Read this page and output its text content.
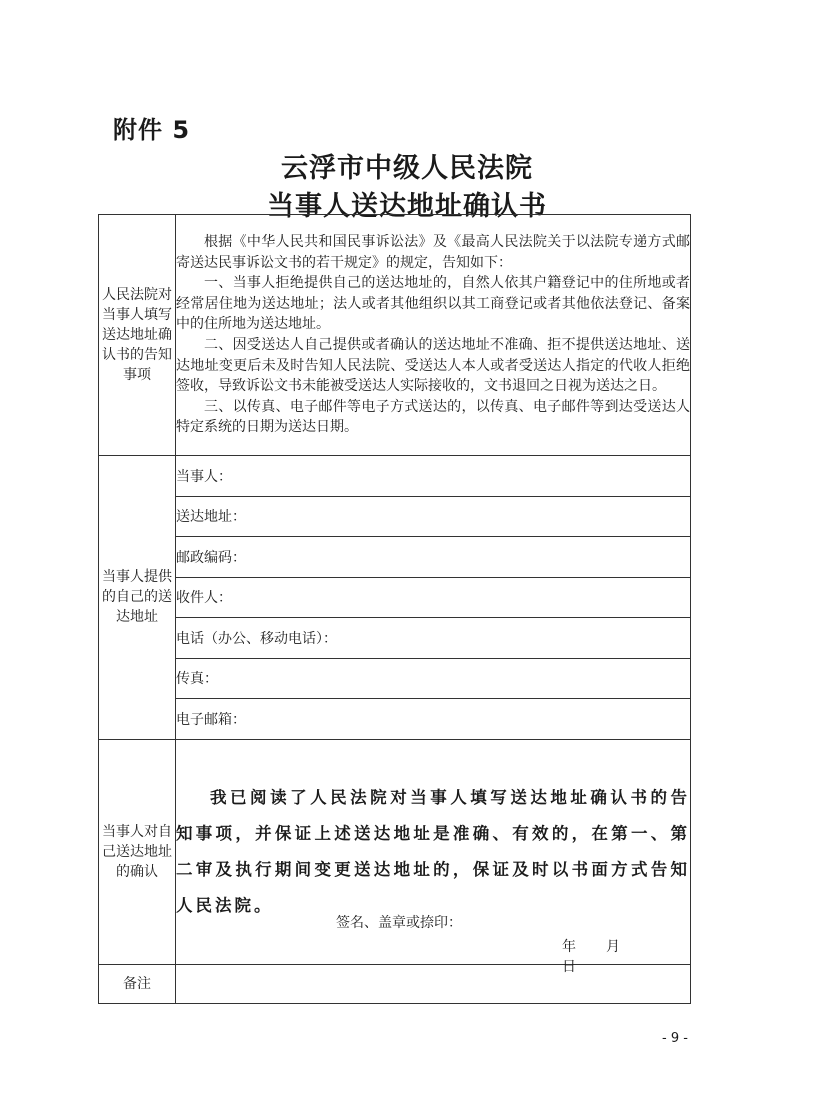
附件 5
云浮市中级人民法院
当事人送达地址确认书
人民法院对当事人填写送达地址确认书的告知事项	根据《中华人民共和国民事诉讼法》及《最高人民法院关于以法院专递方式邮寄送达民事诉讼文书的若干规定》的规定，告知如下：

一、当事人拒绝提供自己的送达地址的，自然人依其户籍登记中的住所地或者经常居住地为送达地址；法人或者其他组织以其工商登记或者其他依法登记、备案中的住所地为送达地址。

二、因受送达人自己提供或者确认的送达地址不准确、拒不提供送达地址、送达地址变更后未及时告知人民法院、受送达人本人或者受送达人指定的代收人拒绝签收，导致诉讼文书未能被受送达人实际接收的，文书退回之日视为送达之日。

三、以传真、电子邮件等电子方式送达的，以传真、电子邮件等到达受送达人特定系统的日期为送达日期。

当事人提供的自己的送达地址	当事人：
	送达地址：
	邮政编码：
	收件人：
	电话（办公、移动电话）：
	传真：
	电子邮箱：
当事人对自己送达地址的确认	我已阅读了人民法院对当事人填写送达地址确认书的告知事项，并保证上述送达地址是准确、有效的，在第一、第二审及执行期间变更送达地址的，保证及时以书面方式告知人民法院。
签名、盖章或捺印：
年 月日

备注	
- 9 -
